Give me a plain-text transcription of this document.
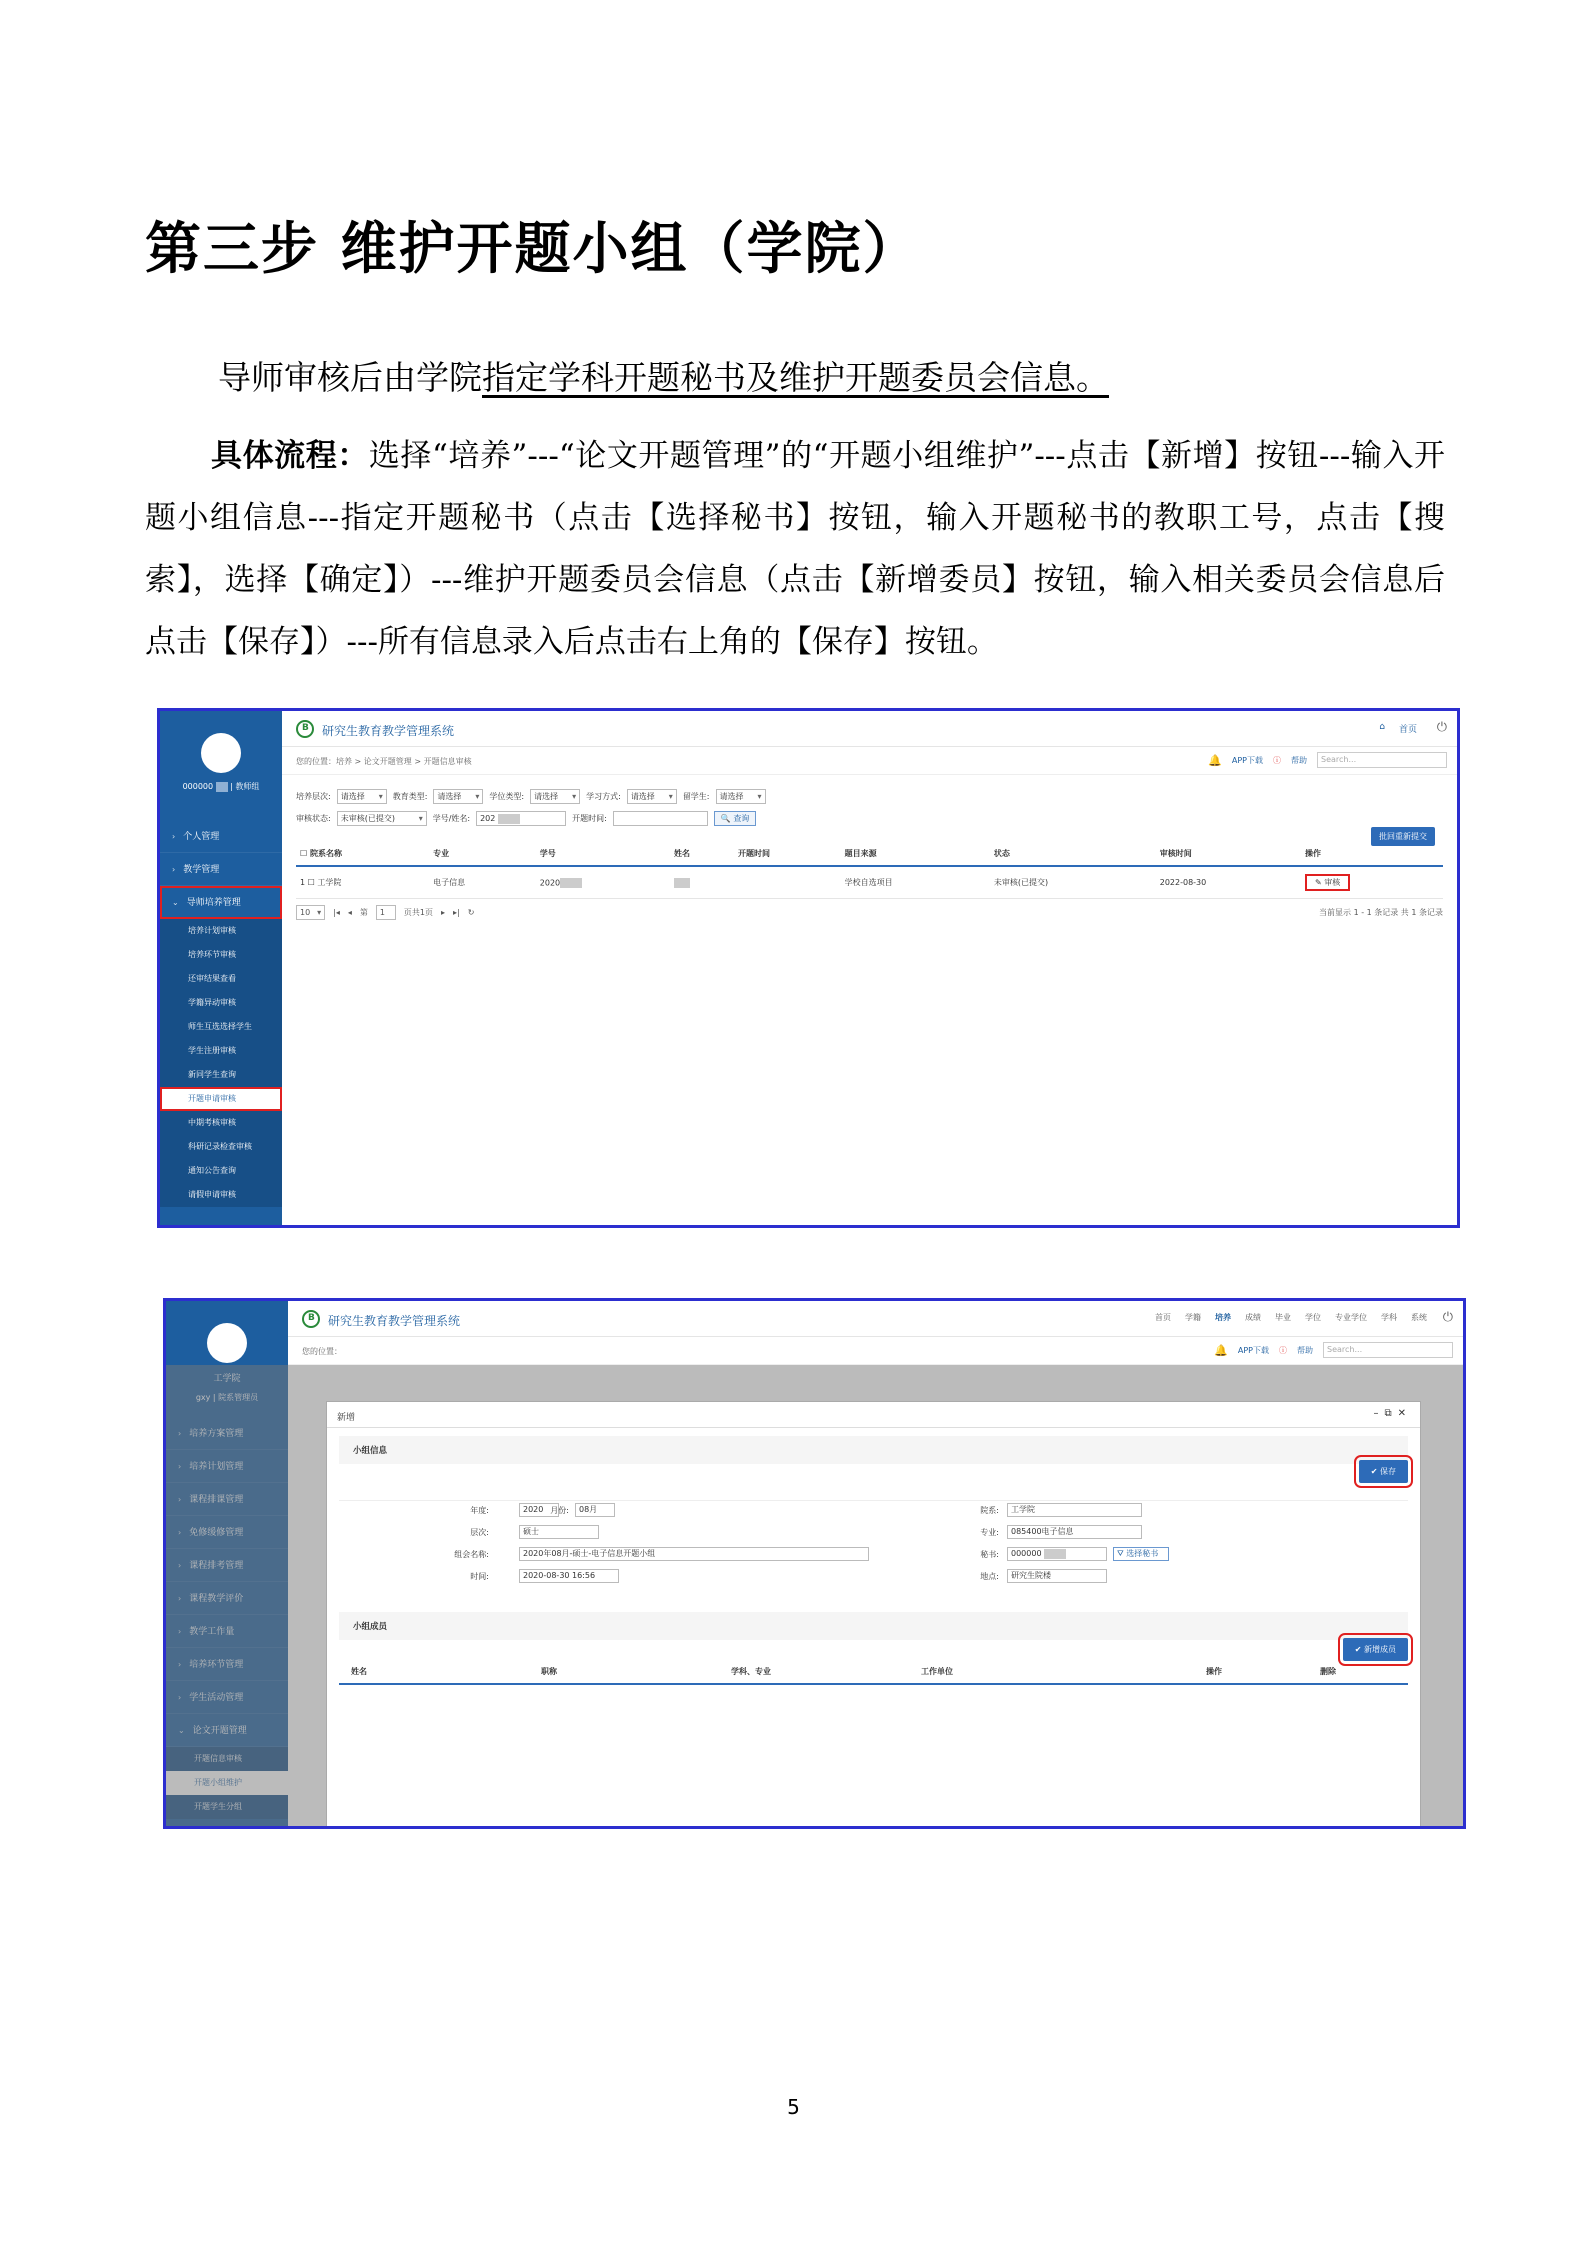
第三步 维护开题小组（学院）
导师审核后由学院指定学科开题秘书及维护开题委员会信息。
具体流程：选择“培养”---“论文开题管理”的“开题小组维护”---点击【新增】按钮---输入开题小组信息---指定开题秘书（点击【选择秘书】按钮，输入开题秘书的教职工号，点击【搜索】，选择【确定】）---维护开题委员会信息（点击【新增委员】按钮，输入相关委员会信息后点击【保存】）---所有信息录入后点击右上角的【保存】按钮。
000000  | 教师组
› 个人管理
› 教学管理
⌄ 导师培养管理
培养计划审核
培养环节审核
还审结果查看
学籍异动审核
师生互选选择学生
学生注册审核
新同学生查询
开题申请审核
中期考核审核
科研记录检查审核
通知公告查询
请假申请审核
B 研究生教育教学管理系统	⌂ 首页 ⏻
您的位置：培养 > 论文开题管理 > 开题信息审核	🔔 APP下载 ⓘ 帮助	Search...
培养层次:	请选择 ▾	教育类型:	请选择 ▾	学位类型:	请选择 ▾	学习方式:	请选择 ▾	留学生:	请选择 ▾
审核状态:	未审核(已提交) ▾	学号/姓名:	202	开题时间:	🔍 查询
批回重新提交
☐ 院系名称	专业	学号	姓名	开题时间	题目来源	状态	审核时间	操作
1 ☐ 工学院	电子信息	2020			学校自选项目	未审核(已提交)	2022-08-30	✎ 审核
10 ▾	|◂ ◂ 第	1	页共1页 ▸ ▸| ↻	当前显示 1 - 1 条记录 共 1 条记录
B 研究生教育教学管理系统	首页 学籍 培养 成绩 毕业 学位 专业学位 学科 系统 ⏻
您的位置：	🔔 APP下载 ⓘ 帮助	Search...
新增	–⧉✕
小组信息
✔ 保存
年度:	2020 月份:	08月
层次:	硕士
组会名称:	2020年08月-硕士-电子信息开题小组
时间:	2020-08-30 16:56
院系:	工学院
专业:	085400电子信息
秘书:	000000	⛛ 选择秘书
地点:	研究生院楼
小组成员
✔ 新增成员
姓名	职称	学科、专业	工作单位	操作	删除
5
